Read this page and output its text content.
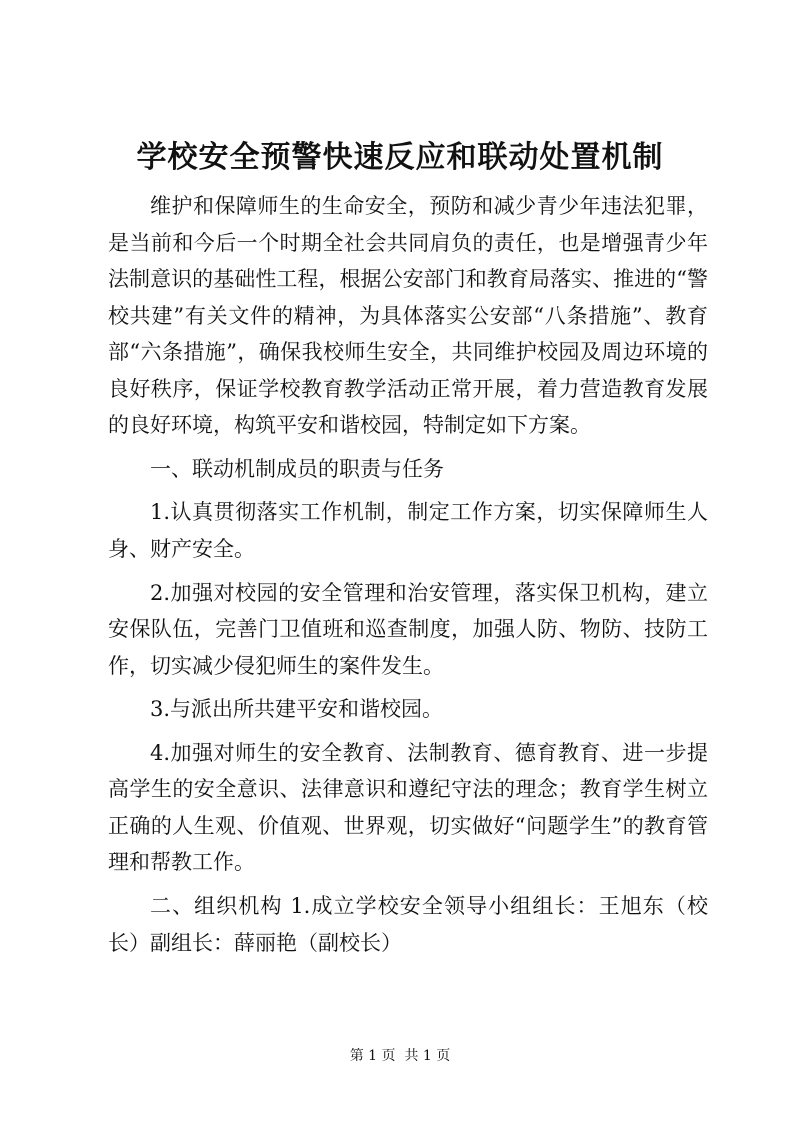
学校安全预警快速反应和联动处置机制

维护和保障师生的生命安全，预防和减少青少年违法犯罪，是当前和今后一个时期全社会共同肩负的责任，也是增强青少年法制意识的基础性工程，根据公安部门和教育局落实、推进的“警校共建”有关文件的精神，为具体落实公安部“八条措施”、教育部“六条措施”，确保我校师生安全，共同维护校园及周边环境的良好秩序，保证学校教育教学活动正常开展，着力营造教育发展的良好环境，构筑平安和谐校园，特制定如下方案。

一、联动机制成员的职责与任务

1.认真贯彻落实工作机制，制定工作方案，切实保障师生人身、财产安全。

2.加强对校园的安全管理和治安管理，落实保卫机构，建立安保队伍，完善门卫值班和巡查制度，加强人防、物防、技防工作，切实减少侵犯师生的案件发生。

3.与派出所共建平安和谐校园。

4.加强对师生的安全教育、法制教育、德育教育、进一步提高学生的安全意识、法律意识和遵纪守法的理念；教育学生树立正确的人生观、价值观、世界观，切实做好“问题学生”的教育管理和帮教工作。

二、组织机构 1.成立学校安全领导小组组长：王旭东（校长）副组长：薛丽艳（副校长）

第 1 页  共 1 页
